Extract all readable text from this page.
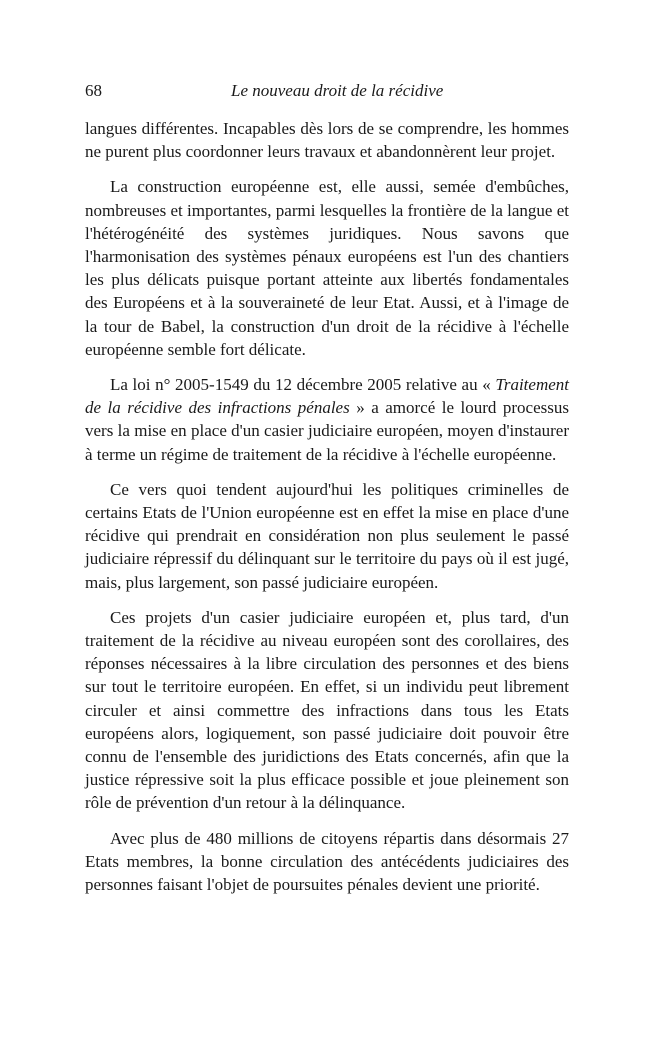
68	Le nouveau droit de la récidive

langues différentes. Incapables dès lors de se comprendre, les hommes ne purent plus coordonner leurs travaux et abandonnèrent leur projet.

La construction européenne est, elle aussi, semée d'embûches, nombreuses et importantes, parmi lesquelles la frontière de la langue et l'hétérogénéité des systèmes juridiques. Nous savons que l'harmonisation des systèmes pénaux européens est l'un des chantiers les plus délicats puisque portant atteinte aux libertés fondamentales des Européens et à la souveraineté de leur Etat. Aussi, et à l'image de la tour de Babel, la construction d'un droit de la récidive à l'échelle européenne semble fort délicate.

La loi n° 2005-1549 du 12 décembre 2005 relative au « Traitement de la récidive des infractions pénales » a amorcé le lourd processus vers la mise en place d'un casier judiciaire européen, moyen d'instaurer à terme un régime de traitement de la récidive à l'échelle européenne.

Ce vers quoi tendent aujourd'hui les politiques criminelles de certains Etats de l'Union européenne est en effet la mise en place d'une récidive qui prendrait en considération non plus seulement le passé judiciaire répressif du délinquant sur le territoire du pays où il est jugé, mais, plus largement, son passé judiciaire européen.

Ces projets d'un casier judiciaire européen et, plus tard, d'un traitement de la récidive au niveau européen sont des corollaires, des réponses nécessaires à la libre circulation des personnes et des biens sur tout le territoire européen. En effet, si un individu peut librement circuler et ainsi commettre des infractions dans tous les Etats européens alors, logiquement, son passé judiciaire doit pouvoir être connu de l'ensemble des juridictions des Etats concernés, afin que la justice répressive soit la plus efficace possible et joue pleinement son rôle de prévention d'un retour à la délinquance.

Avec plus de 480 millions de citoyens répartis dans désormais 27 Etats membres, la bonne circulation des antécédents judiciaires des personnes faisant l'objet de poursuites pénales devient une priorité.
